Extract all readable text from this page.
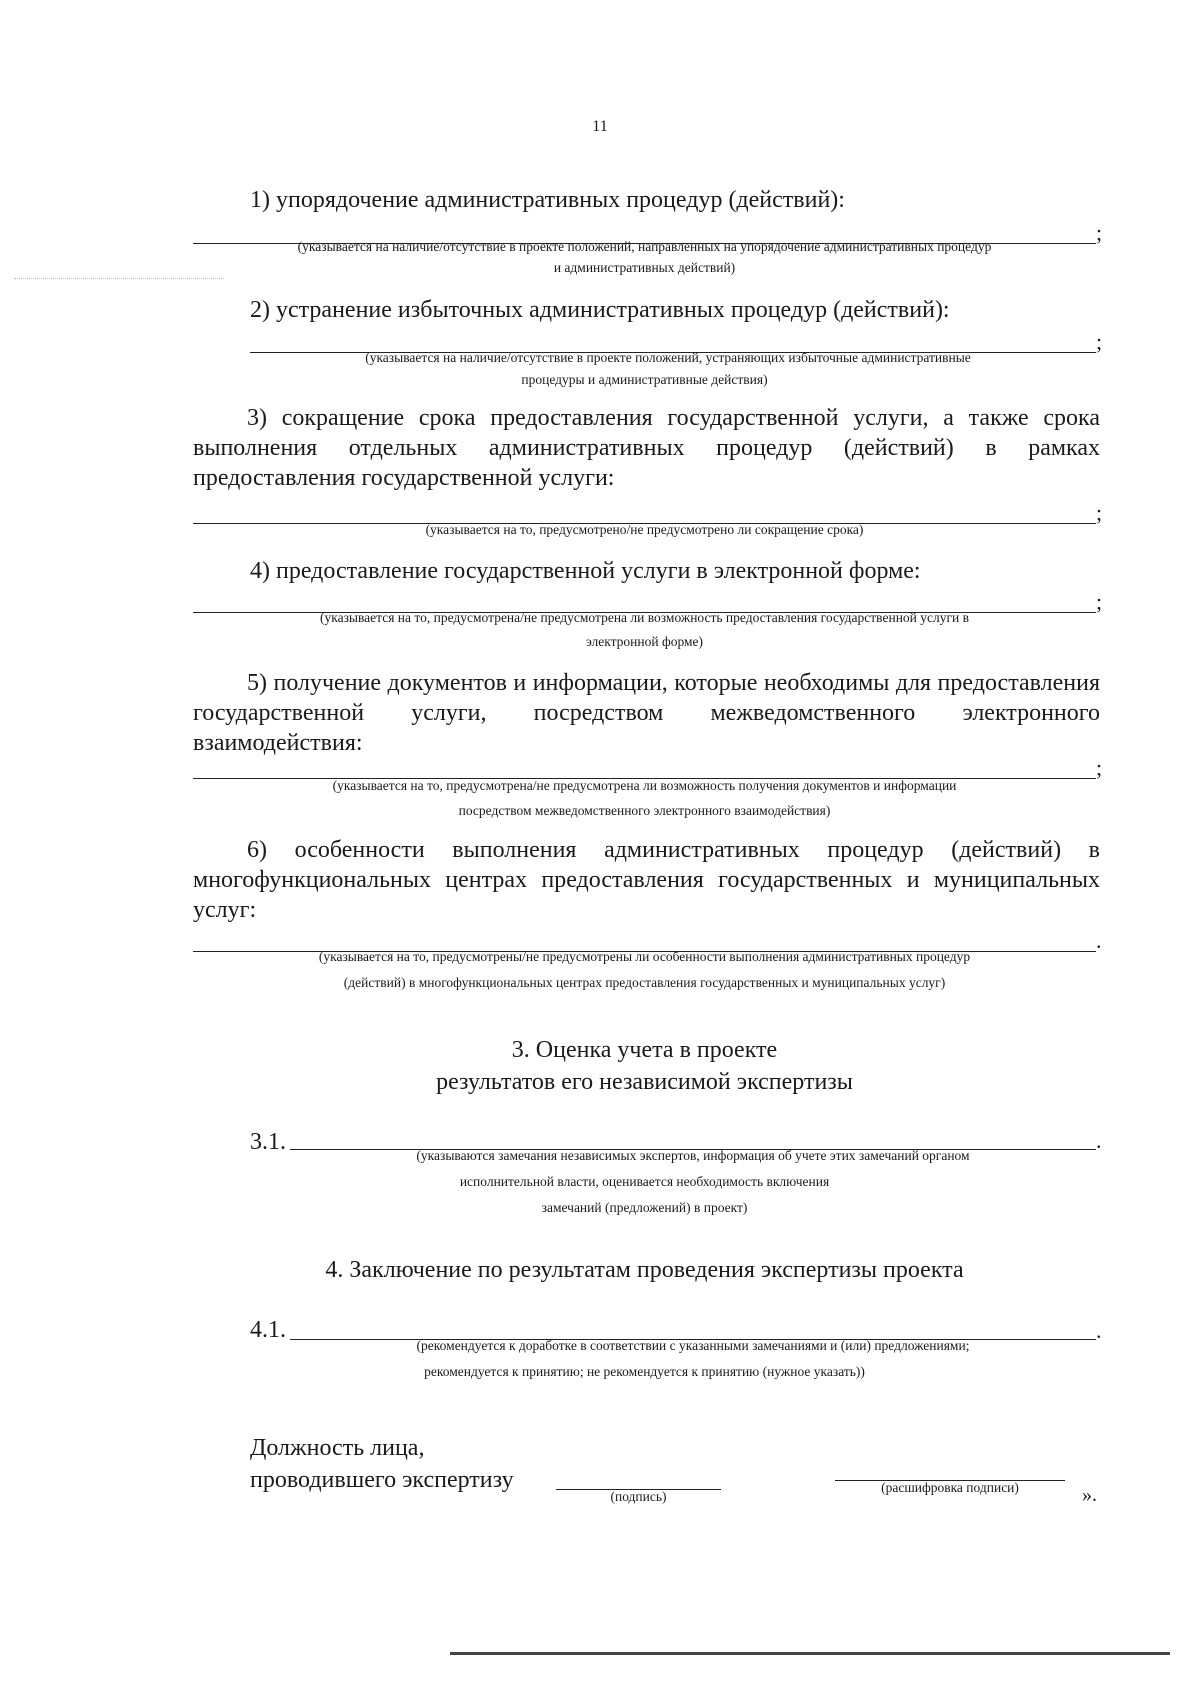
11
1) упорядочение административных процедур (действий):
;
(указывается на наличие/отсутствие в проекте положений, направленных на упорядочение административных процедур
и административных действий)
2) устранение избыточных административных процедур (действий):
;
(указывается на наличие/отсутствие в проекте положений, устраняющих избыточные административные
процедуры и административные действия)
3) сокращение срока предоставления государственной услуги, а также срока выполнения отдельных административных процедур (действий) в рамках предоставления государственной услуги:
;
(указывается на то, предусмотрено/не предусмотрено ли сокращение срока)
4) предоставление государственной услуги в электронной форме:
;
(указывается на то, предусмотрена/не предусмотрена ли возможность предоставления государственной услуги в
электронной форме)
5) получение документов и информации, которые необходимы для предоставления государственной услуги, посредством межведомственного электронного взаимодействия:
;
(указывается на то, предусмотрена/не предусмотрена ли возможность получения документов и информации
посредством межведомственного электронного взаимодействия)
6) особенности выполнения административных процедур (действий) в многофункциональных центрах предоставления государственных и муниципальных услуг:
.
(указывается на то, предусмотрены/не предусмотрены ли особенности выполнения административных процедур
(действий) в многофункциональных центрах предоставления государственных и муниципальных услуг)
3. Оценка учета в проекте
результатов его независимой экспертизы
3.1.	.
(указываются замечания независимых экспертов, информация об учете этих замечаний органом
исполнительной власти, оценивается необходимость включения
замечаний (предложений) в проект)
4. Заключение по результатам проведения экспертизы проекта
4.1.	.
(рекомендуется к доработке в соответствии с указанными замечаниями и (или) предложениями;
рекомендуется к принятию; не рекомендуется к принятию (нужное указать))
Должность лица,
проводившего экспертизу
(подпись)
(расшифровка подписи)	».
